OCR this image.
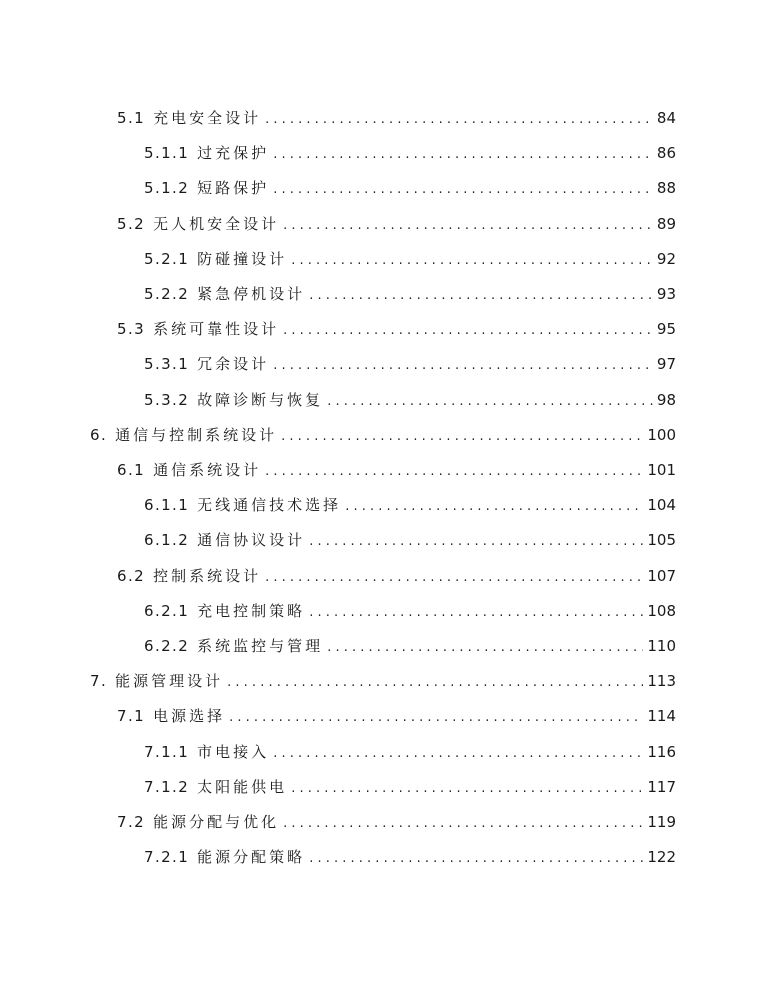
5.1 充电安全设计 . . .	84
5.1.1 过充保护 . . .	86
5.1.2 短路保护 . . .	88
5.2 无人机安全设计 . . .	89
5.2.1 防碰撞设计 . . .	92
5.2.2 紧急停机设计 . . .	93
5.3 系统可靠性设计 . . .	95
5.3.1 冗余设计 . . .	97
5.3.2 故障诊断与恢复 . . .	98
6. 通信与控制系统设计 . . .	100
6.1 通信系统设计 . . .	101
6.1.1 无线通信技术选择 . . .	104
6.1.2 通信协议设计 . . .	105
6.2 控制系统设计 . . .	107
6.2.1 充电控制策略 . . .	108
6.2.2 系统监控与管理 . . .	110
7. 能源管理设计 . . .	113
7.1 电源选择 . . .	114
7.1.1 市电接入 . . .	116
7.1.2 太阳能供电 . . .	117
7.2 能源分配与优化 . . .	119
7.2.1 能源分配策略 . . .	122
